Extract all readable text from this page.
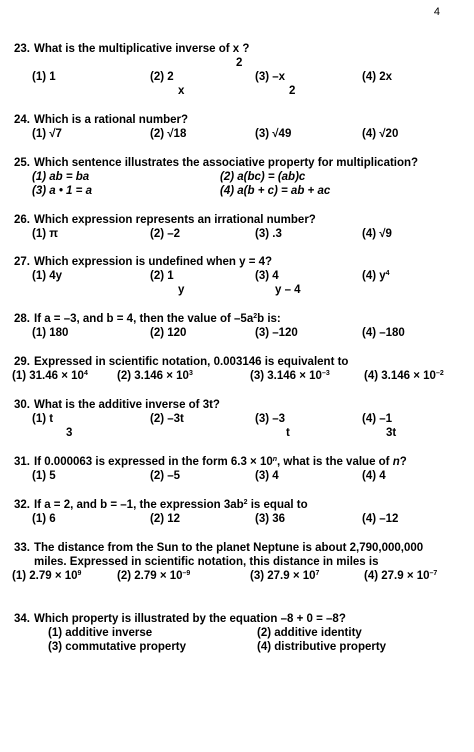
4
23. What is the multiplicative inverse of x ?
2
(1) 1	(2) 2	(3) –x	(4) 2x
x	2
24. Which is a rational number?
(1) √7	(2) √18	(3) √49	(4) √20
25. Which sentence illustrates the associative property for multiplication?
(1) ab = ba	(2) a(bc) = (ab)c
(3) a • 1 = a	(4) a(b + c) = ab + ac
26. Which expression represents an irrational number?
(1) π	(2) –2	(3) .3	(4) √9
27. Which expression is undefined when y = 4?
(1) 4y	(2) 1	(3) 4	(4) $y^4$
y	y – 4
28. If a = –3, and b = 4, then the value of $-5a^2b$ is:
(1) 180	(2) 120	(3) –120	(4) –180
29. Expressed in scientific notation, 0.003146 is equivalent to
(1) $31.46 \times 10^4$	(2) $3.146 \times 10^3$	(3) $3.146 \times 10^{-3}$	(4) $3.146 \times 10^{-2}$
30. What is the additive inverse of 3t?
(1) t	(2) –3t	(3) –3	(4) –1
3	t	3t
31. If 0.000063 is expressed in the form $6.3 \times 10^n$, what is the value of n?
(1) 5	(2) –5	(3) 4	(4) 4
32. If a = 2, and b = –1, the expression $3ab^2$ is equal to
(1) 6	(2) 12	(3) 36	(4) –12
33. The distance from the Sun to the planet Neptune is about 2,790,000,000
miles. Expressed in scientific notation, this distance in miles is
(1) $2.79 \times 10^9$	(2) $2.79 \times 10^{-9}$	(3) $27.9 \times 10^7$	(4) $27.9 \times 10^{-7}$
34. Which property is illustrated by the equation –8 + 0 = –8?
(1) additive inverse	(2) additive identity
(3) commutative property	(4) distributive property
